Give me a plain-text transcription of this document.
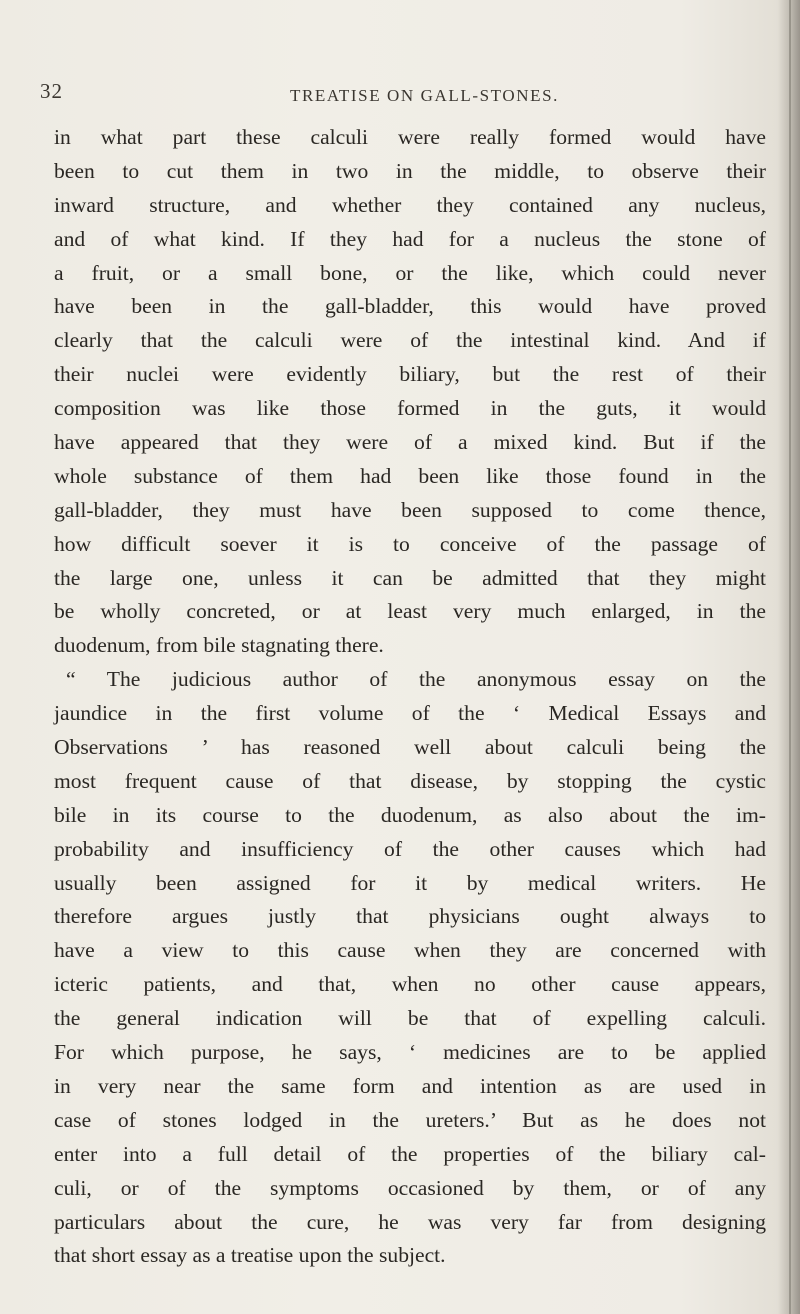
32	TREATISE ON GALL-STONES.
in what part these calculi were really formed would have
been to cut them in two in the middle, to observe their
inward structure, and whether they contained any nucleus,
and of what kind. If they had for a nucleus the stone of
a fruit, or a small bone, or the like, which could never
have been in the gall-bladder, this would have proved
clearly that the calculi were of the intestinal kind. And if
their nuclei were evidently biliary, but the rest of their
composition was like those formed in the guts, it would
have appeared that they were of a mixed kind. But if the
whole substance of them had been like those found in the
gall-bladder, they must have been supposed to come thence,
how difficult soever it is to conceive of the passage of
the large one, unless it can be admitted that they might
be wholly concreted, or at least very much enlarged, in the
duodenum, from bile stagnating there.
“ The judicious author of the anonymous essay on the
jaundice in the first volume of the ‘ Medical Essays and
Observations ’ has reasoned well about calculi being the
most frequent cause of that disease, by stopping the cystic
bile in its course to the duodenum, as also about the im-
probability and insufficiency of the other causes which had
usually been assigned for it by medical writers. He
therefore argues justly that physicians ought always to
have a view to this cause when they are concerned with
icteric patients, and that, when no other cause appears,
the general indication will be that of expelling calculi.
For which purpose, he says, ‘ medicines are to be applied
in very near the same form and intention as are used in
case of stones lodged in the ureters.’ But as he does not
enter into a full detail of the properties of the biliary cal-
culi, or of the symptoms occasioned by them, or of any
particulars about the cure, he was very far from designing
that short essay as a treatise upon the subject.
